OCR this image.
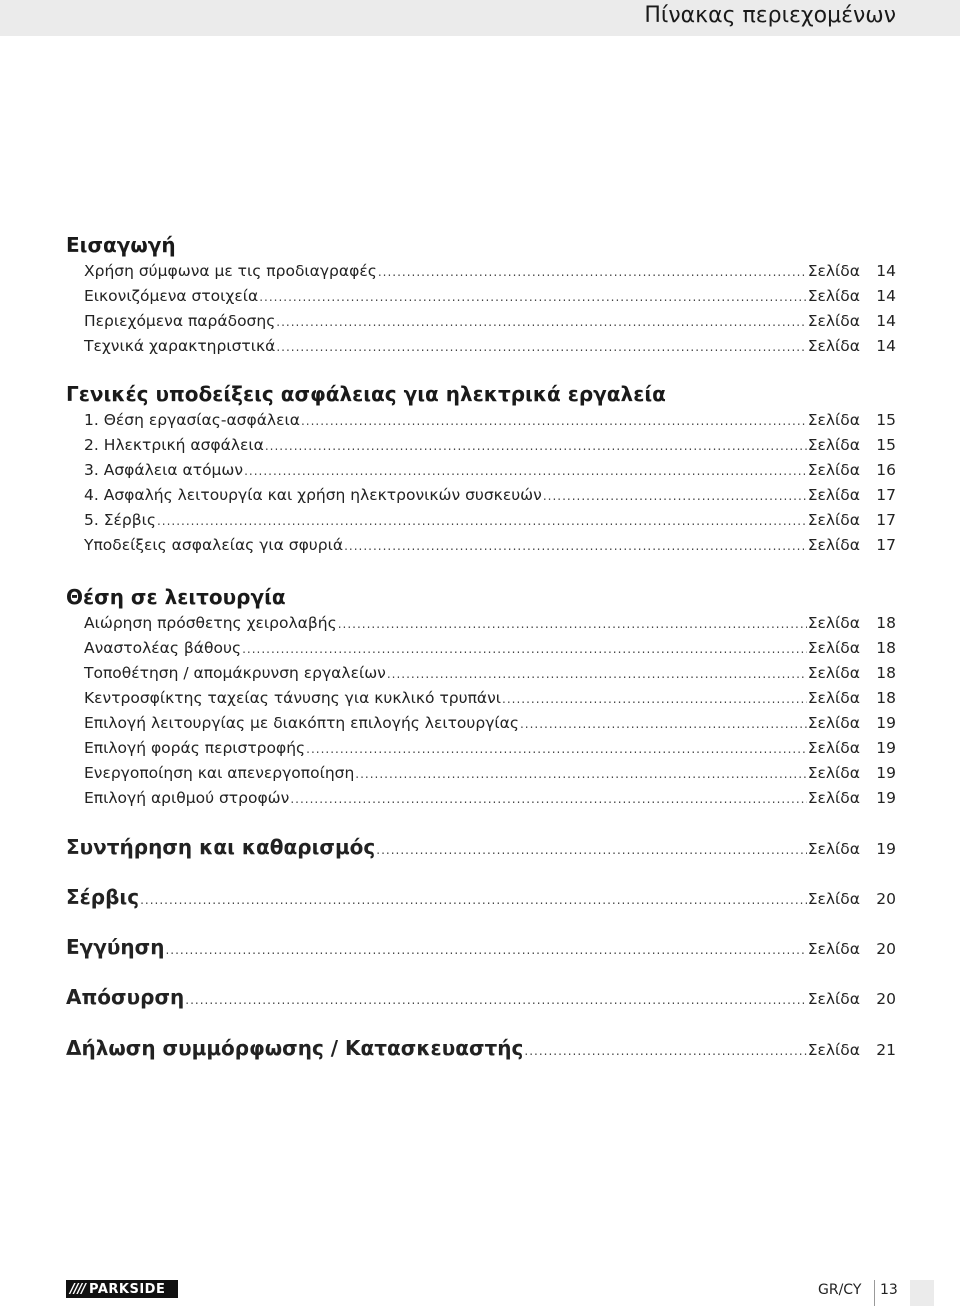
Πίνακας περιεχομένων
Εισαγωγή
Χρήση σύμφωνα με τις προδιαγραφές .....	Σελίδα	14
Εικονιζόμενα στοιχεία .....	Σελίδα	14
Περιεχόμενα παράδοσης .....	Σελίδα	14
Τεχνικά χαρακτηριστικά .....	Σελίδα	14
Γενικές υποδείξεις ασφάλειας για ηλεκτρικά εργαλεία
1. Θέση εργασίας-ασφάλεια .....	Σελίδα	15
2. Ηλεκτρική ασφάλεια .....	Σελίδα	15
3. Ασφάλεια ατόμων .....	Σελίδα	16
4. Ασφαλής λειτουργία και χρήση ηλεκτρονικών συσκευών .....	Σελίδα	17
5. Σέρβις .....	Σελίδα	17
Υποδείξεις ασφαλείας για σφυριά .....	Σελίδα	17
Θέση σε λειτουργία
Αιώρηση πρόσθετης χειρολαβής .....	Σελίδα	18
Αναστολέας βάθους .....	Σελίδα	18
Τοποθέτηση / απομάκρυνση εργαλείων .....	Σελίδα	18
Κεντροσφίκτης ταχείας τάνυσης για κυκλικό τρυπάνι .....	Σελίδα	18
Επιλογή λειτουργίας με διακόπτη επιλογής λειτουργίας .....	Σελίδα	19
Επιλογή φοράς περιστροφής .....	Σελίδα	19
Ενεργοποίηση και απενεργοποίηση .....	Σελίδα	19
Επιλογή αριθμού στροφών .....	Σελίδα	19
Συντήρηση και καθαρισμός .....	Σελίδα	19
Σέρβις .....	Σελίδα	20
Εγγύηση .....	Σελίδα	20
Απόσυρση .....	Σελίδα	20
Δήλωση συμμόρφωσης / Κατασκευαστής .....	Σελίδα	21
//// PARKSIDE	GR/CY 13
